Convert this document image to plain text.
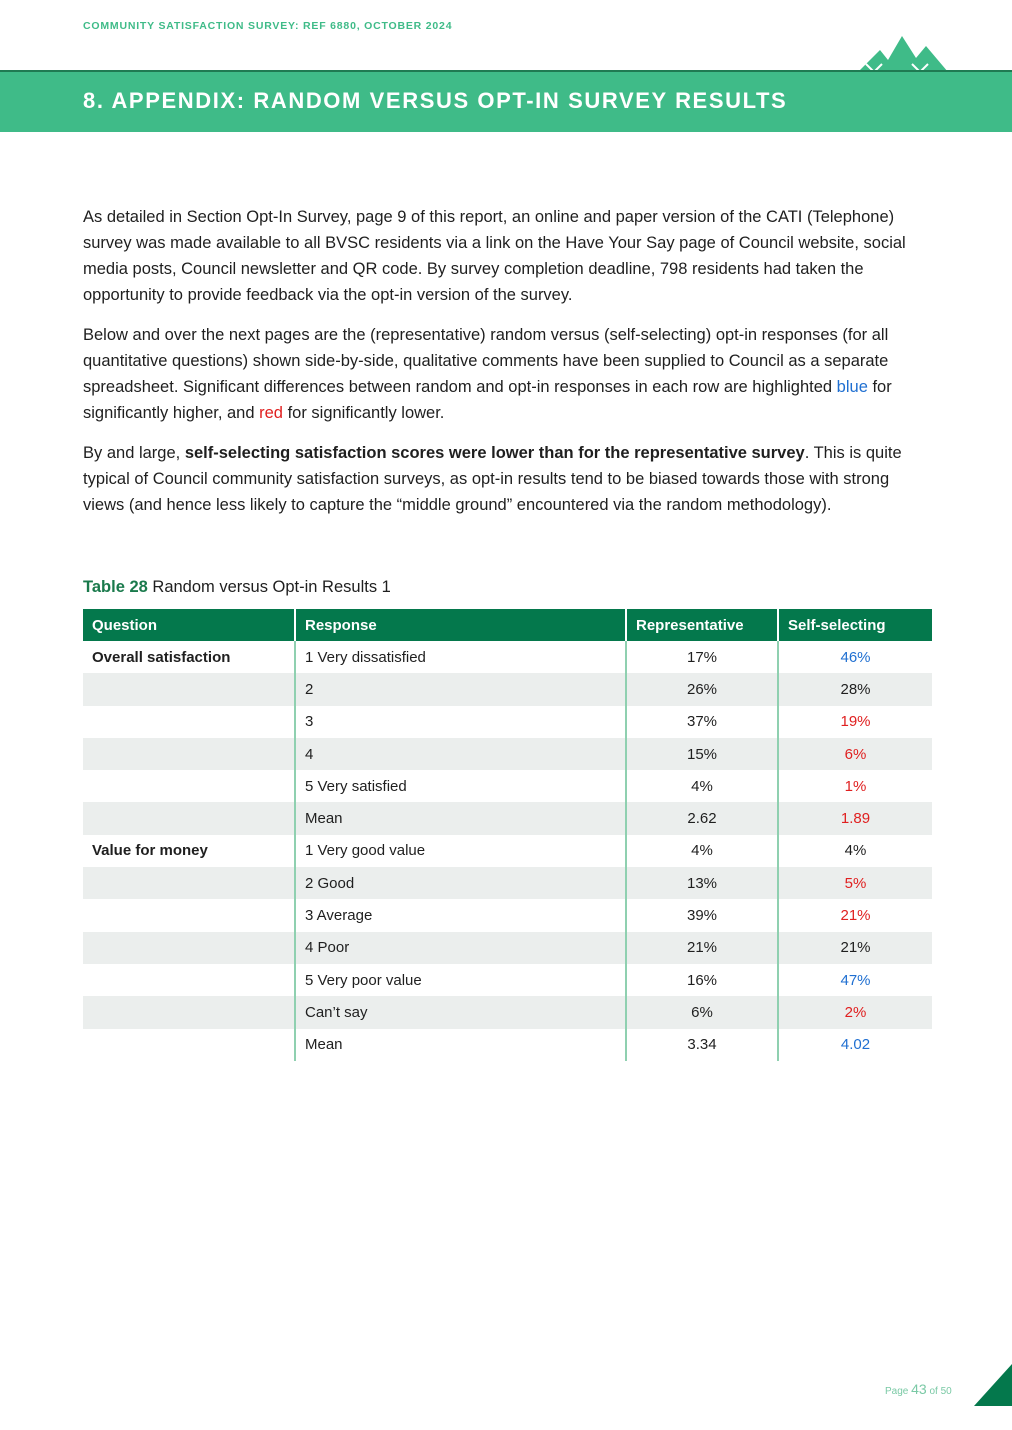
COMMUNITY SATISFACTION SURVEY: REF 6880, OCTOBER 2024
8. APPENDIX: RANDOM VERSUS OPT-IN SURVEY RESULTS

As detailed in Section Opt-In Survey, page 9 of this report, an online and paper version of the CATI (Telephone) survey was made available to all BVSC residents via a link on the Have Your Say page of Council website, social media posts, Council newsletter and QR code. By survey completion deadline, 798 residents had taken the opportunity to provide feedback via the opt-in version of the survey.

Below and over the next pages are the (representative) random versus (self-selecting) opt-in responses (for all quantitative questions) shown side-by-side, qualitative comments have been supplied to Council as a separate spreadsheet. Significant differences between random and opt-in responses in each row are highlighted blue for significantly higher, and red for significantly lower.

By and large, self-selecting satisfaction scores were lower than for the representative survey. This is quite typical of Council community satisfaction surveys, as opt-in results tend to be biased towards those with strong views (and hence less likely to capture the “middle ground” encountered via the random methodology).

Table 28 Random versus Opt-in Results 1
Question	Response	Representative	Self-selecting
Overall satisfaction	1 Very dissatisfied	17%	46%
	2	26%	28%
	3	37%	19%
	4	15%	6%
	5 Very satisfied	4%	1%
	Mean	2.62	1.89
Value for money	1 Very good value	4%	4%
	2 Good	13%	5%
	3 Average	39%	21%
	4 Poor	21%	21%
	5 Very poor value	16%	47%
	Can’t say	6%	2%
	Mean	3.34	4.02
Page 43 of 50
